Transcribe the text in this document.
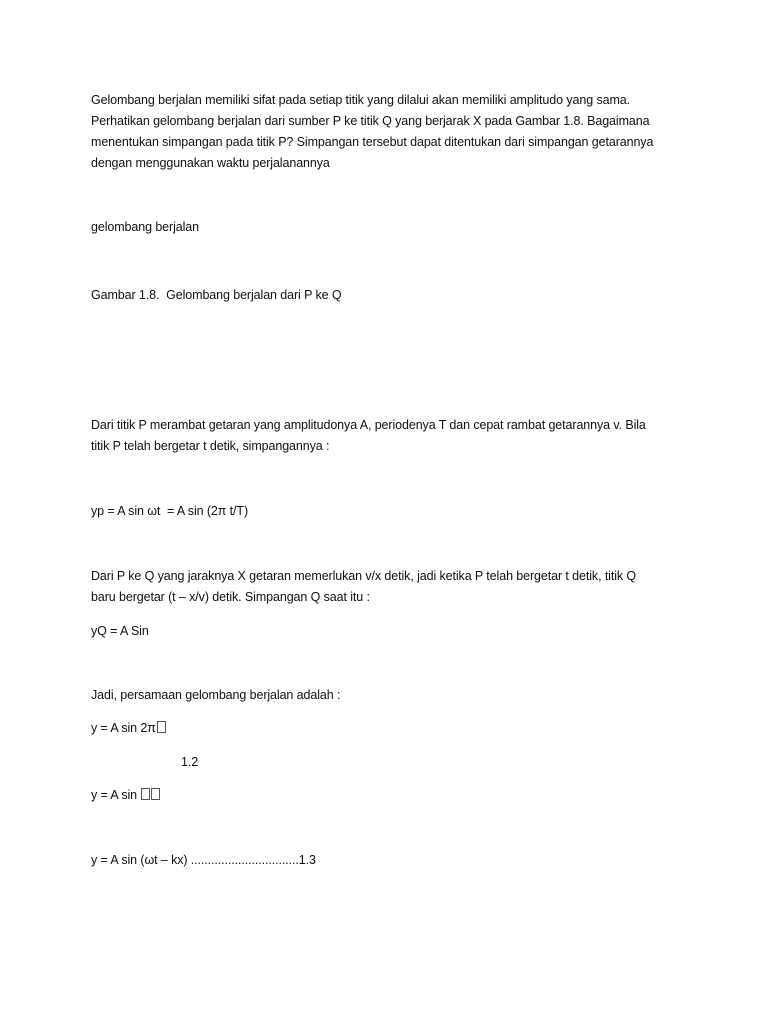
Gelombang berjalan memiliki sifat pada setiap titik yang dilalui akan memiliki amplitudo yang sama.
Perhatikan gelombang berjalan dari sumber P ke titik Q yang berjarak X pada Gambar 1.8. Bagaimana
menentukan simpangan pada titik P? Simpangan tersebut dapat ditentukan dari simpangan getarannya
dengan menggunakan waktu perjalanannya
gelombang berjalan
Gambar 1.8.  Gelombang berjalan dari P ke Q
Dari titik P merambat getaran yang amplitudonya A, periodenya T dan cepat rambat getarannya v. Bila
titik P telah bergetar t detik, simpangannya :
yp = A sin ωt  = A sin (2π t/T)
Dari P ke Q yang jaraknya X getaran memerlukan v/x detik, jadi ketika P telah bergetar t detik, titik Q
baru bergetar (t – x/v) detik. Simpangan Q saat itu :
yQ = A Sin
Jadi, persamaan gelombang berjalan adalah :
y = A sin 2π
1.2
y = A sin
y = A sin (ωt – kx) ................................1.3
